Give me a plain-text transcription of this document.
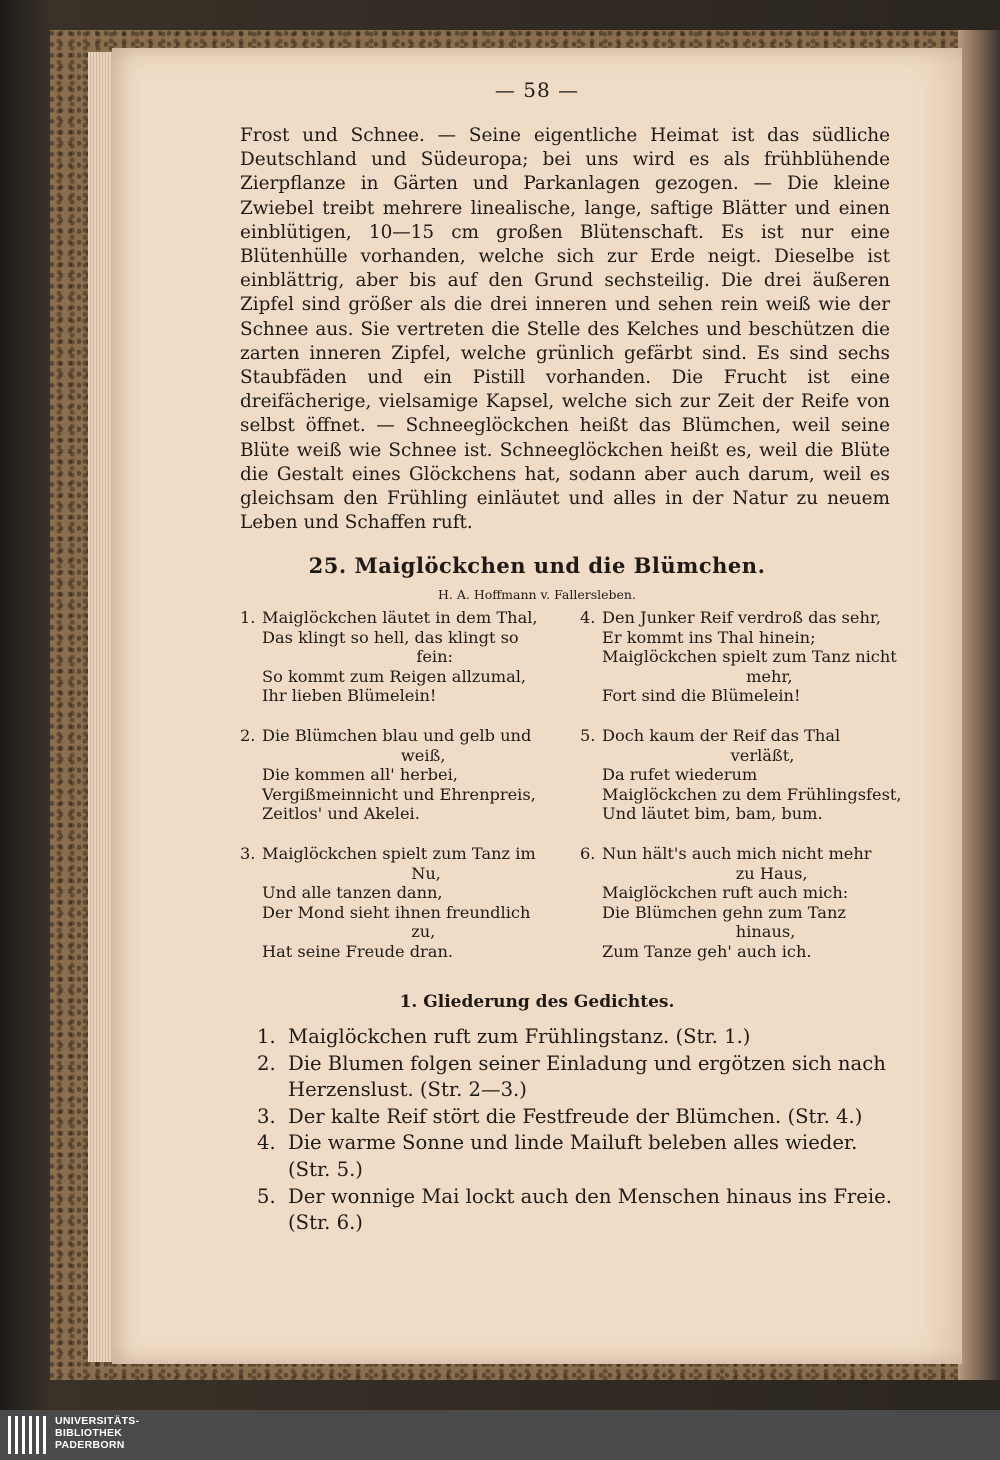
— 58 —

Frost und Schnee. — Seine eigentliche Heimat ist das südliche Deutschland und Südeuropa; bei uns wird es als frühblühende Zierpflanze in Gärten und Parkanlagen gezogen. — Die kleine Zwiebel treibt mehrere linealische, lange, saftige Blätter und einen einblütigen, 10—15 cm großen Blütenschaft. Es ist nur eine Blütenhülle vorhanden, welche sich zur Erde neigt. Dieselbe ist einblättrig, aber bis auf den Grund sechsteilig. Die drei äußeren Zipfel sind größer als die drei inneren und sehen rein weiß wie der Schnee aus. Sie vertreten die Stelle des Kelches und beschützen die zarten inneren Zipfel, welche grünlich gefärbt sind. Es sind sechs Staubfäden und ein Pistill vorhanden. Die Frucht ist eine dreifächerige, vielsamige Kapsel, welche sich zur Zeit der Reife von selbst öffnet. — Schneeglöckchen heißt das Blümchen, weil seine Blüte weiß wie Schnee ist. Schneeglöckchen heißt es, weil die Blüte die Gestalt eines Glöckchens hat, sodann aber auch darum, weil es gleichsam den Frühling einläutet und alles in der Natur zu neuem Leben und Schaffen ruft.

25. Maiglöckchen und die Blümchen.
H. A. Hoffmann v. Fallersleben.
1. Maiglöckchen läutet in dem Thal,
Das klingt so hell, das klingt so
fein:
So kommt zum Reigen allzumal,
Ihr lieben Blümelein!

2. Die Blümchen blau und gelb und
weiß,
Die kommen all' herbei,
Vergißmeinnicht und Ehrenpreis,
Zeitlos' und Akelei.

3. Maiglöckchen spielt zum Tanz im
Nu,
Und alle tanzen dann,
Der Mond sieht ihnen freundlich
zu,
Hat seine Freude dran.

4. Den Junker Reif verdroß das sehr,
Er kommt ins Thal hinein;
Maiglöckchen spielt zum Tanz nicht
mehr,
Fort sind die Blümelein!

5. Doch kaum der Reif das Thal
verläßt,
Da rufet wiederum
Maiglöckchen zu dem Frühlingsfest,
Und läutet bim, bam, bum.

6. Nun hält's auch mich nicht mehr
zu Haus,
Maiglöckchen ruft auch mich:
Die Blümchen gehn zum Tanz
hinaus,
Zum Tanze geh' auch ich.

1. Gliederung des Gedichtes.
1. Maiglöckchen ruft zum Frühlingstanz. (Str. 1.)
2. Die Blumen folgen seiner Einladung und ergötzen sich nach Herzenslust. (Str. 2—3.)
3. Der kalte Reif stört die Festfreude der Blümchen. (Str. 4.)
4. Die warme Sonne und linde Mailuft beleben alles wieder. (Str. 5.)
5. Der wonnige Mai lockt auch den Menschen hinaus ins Freie. (Str. 6.)
UNIVERSITÄTS-
BIBLIOTHEK
PADERBORN
